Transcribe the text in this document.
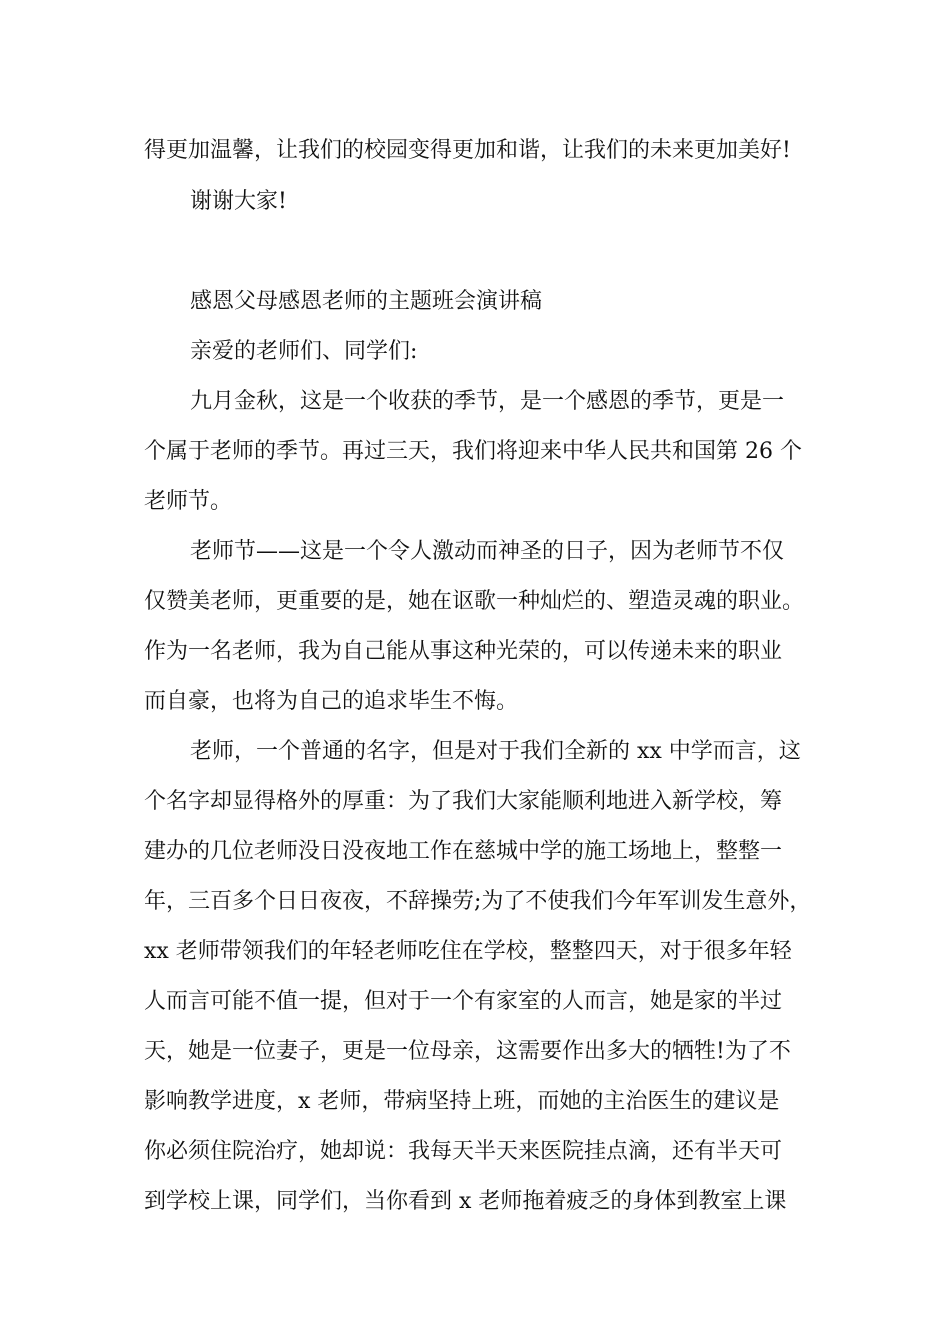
得更加温馨，让我们的校园变得更加和谐，让我们的未来更加美好!
谢谢大家!
感恩父母感恩老师的主题班会演讲稿
亲爱的老师们、同学们:
九月金秋，这是一个收获的季节，是一个感恩的季节，更是一
个属于老师的季节。再过三天，我们将迎来中华人民共和国第 26 个
老师节。
老师节——这是一个令人激动而神圣的日子，因为老师节不仅
仅赞美老师，更重要的是，她在讴歌一种灿烂的、塑造灵魂的职业。
作为一名老师，我为自己能从事这种光荣的，可以传递未来的职业
而自豪，也将为自己的追求毕生不悔。
老师，一个普通的名字，但是对于我们全新的 xx 中学而言，这
个名字却显得格外的厚重：为了我们大家能顺利地进入新学校，筹
建办的几位老师没日没夜地工作在慈城中学的施工场地上，整整一
年，三百多个日日夜夜，不辞操劳;为了不使我们今年军训发生意外，
xx 老师带领我们的年轻老师吃住在学校，整整四天，对于很多年轻
人而言可能不值一提，但对于一个有家室的人而言，她是家的半过
天，她是一位妻子，更是一位母亲，这需要作出多大的牺牲!为了不
影响教学进度，x 老师，带病坚持上班，而她的主治医生的建议是
你必须住院治疗，她却说：我每天半天来医院挂点滴，还有半天可
到学校上课，同学们，当你看到 x 老师拖着疲乏的身体到教室上课
